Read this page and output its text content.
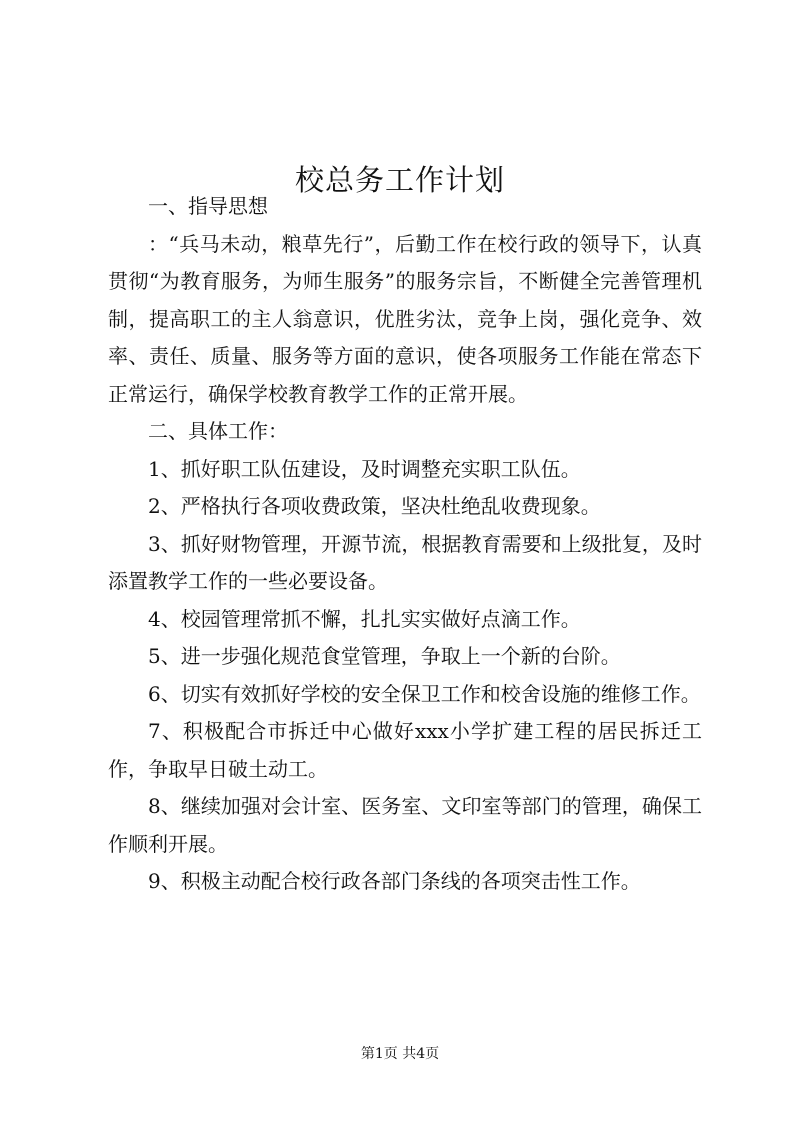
校总务工作计划

一、指导思想

：“兵马未动，粮草先行”，后勤工作在校行政的领导下，认真贯彻“为教育服务，为师生服务”的服务宗旨，不断健全完善管理机制，提高职工的主人翁意识，优胜劣汰，竞争上岗，强化竞争、效率、责任、质量、服务等方面的意识，使各项服务工作能在常态下正常运行，确保学校教育教学工作的正常开展。

二、具体工作：

1、抓好职工队伍建设，及时调整充实职工队伍。

2、严格执行各项收费政策，坚决杜绝乱收费现象。

3、抓好财物管理，开源节流，根据教育需要和上级批复，及时添置教学工作的一些必要设备。

4、校园管理常抓不懈，扎扎实实做好点滴工作。

5、进一步强化规范食堂管理，争取上一个新的台阶。

6、切实有效抓好学校的安全保卫工作和校舍设施的维修工作。

7、积极配合市拆迁中心做好xxx小学扩建工程的居民拆迁工作，争取早日破土动工。

8、继续加强对会计室、医务室、文印室等部门的管理，确保工作顺利开展。

9、积极主动配合校行政各部门条线的各项突击性工作。

第1页 共4页
